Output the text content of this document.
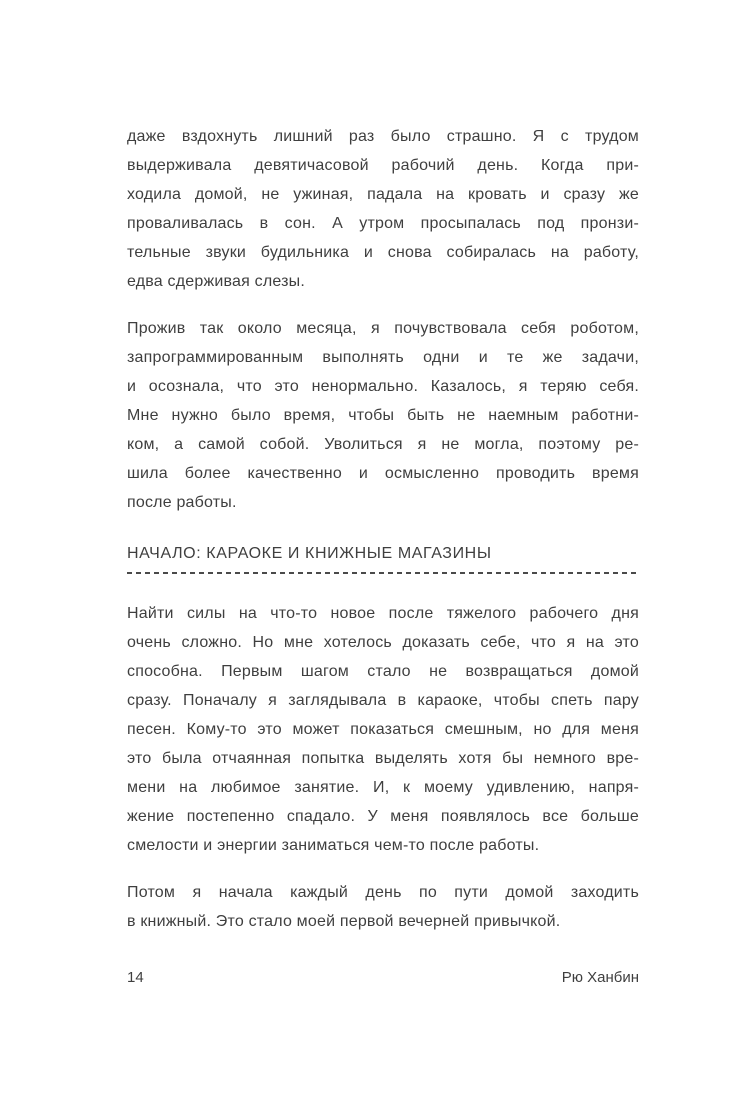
даже вздохнуть лишний раз было страшно. Я с трудом
выдерживала девятичасовой рабочий день. Когда при-
ходила домой, не ужиная, падала на кровать и сразу же
проваливалась в сон. А утром просыпалась под пронзи-
тельные звуки будильника и снова собиралась на работу,
едва сдерживая слезы.
Прожив так около месяца, я почувствовала себя роботом,
запрограммированным выполнять одни и те же задачи,
и осознала, что это ненормально. Казалось, я теряю себя.
Мне нужно было время, чтобы быть не наемным работни-
ком, а самой собой. Уволиться я не могла, поэтому ре-
шила более качественно и осмысленно проводить время
после работы.
НАЧАЛО: КАРАОКЕ И КНИЖНЫЕ МАГАЗИНЫ
Найти силы на что-то новое после тяжелого рабочего дня
очень сложно. Но мне хотелось доказать себе, что я на это
способна. Первым шагом стало не возвращаться домой
сразу. Поначалу я заглядывала в караоке, чтобы спеть пару
песен. Кому-то это может показаться смешным, но для меня
это была отчаянная попытка выделять хотя бы немного вре-
мени на любимое занятие. И, к моему удивлению, напря-
жение постепенно спадало. У меня появлялось все больше
смелости и энергии заниматься чем-то после работы.
Потом я начала каждый день по пути домой заходить
в книжный. Это стало моей первой вечерней привычкой.
14	Рю Ханбин
